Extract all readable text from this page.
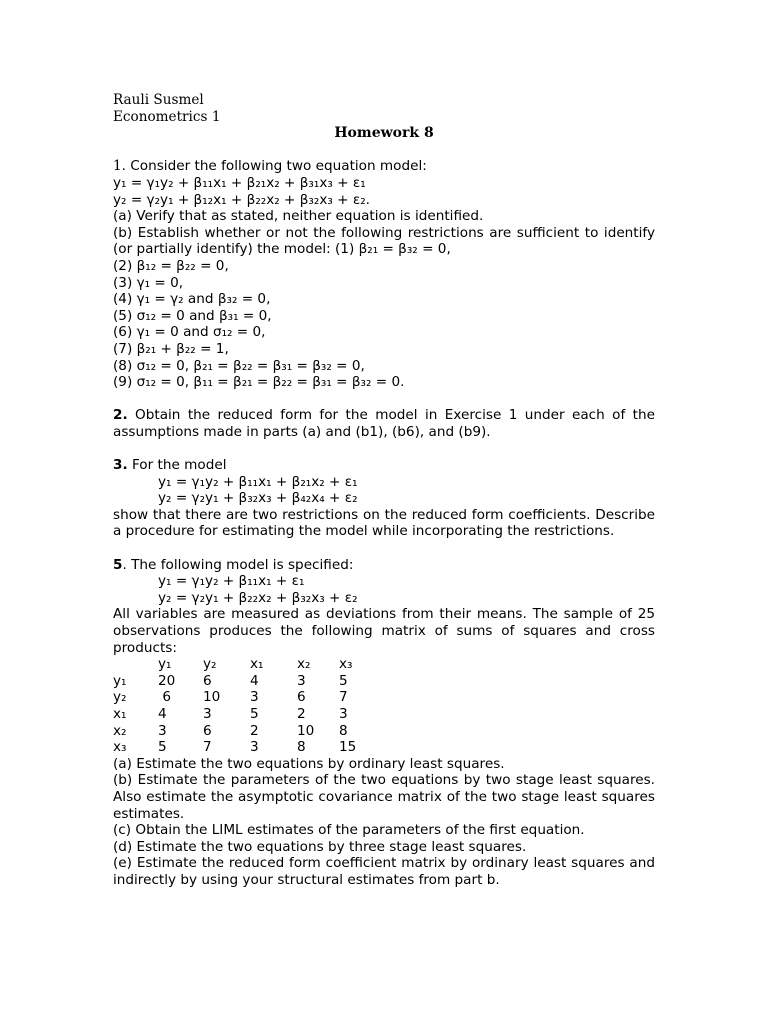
Rauli Susmel
Econometrics 1
Homework 8
1. Consider the following two equation model:
y₁ = γ₁y₂ + β₁₁x₁ + β₂₁x₂ + β₃₁x₃ + ε₁
y₂ = γ₂y₁ + β₁₂x₁ + β₂₂x₂ + β₃₂x₃ + ε₂.
(a) Verify that as stated, neither equation is identified.
(b) Establish whether or not the following restrictions are sufficient to identify (or partially identify) the model: (1) β₂₁ = β₃₂ = 0,
(2) β₁₂ = β₂₂ = 0,
(3) γ₁ = 0,
(4) γ₁ = γ₂ and β₃₂ = 0,
(5) σ₁₂ = 0 and β₃₁ = 0,
(6) γ₁ = 0 and σ₁₂ = 0,
(7) β₂₁ + β₂₂ = 1,
(8) σ₁₂ = 0, β₂₁ = β₂₂ = β₃₁ = β₃₂ = 0,
(9) σ₁₂ = 0, β₁₁ = β₂₁ = β₂₂ = β₃₁ = β₃₂ = 0.
2. Obtain the reduced form for the model in Exercise 1 under each of the assumptions made in parts (a) and (b1), (b6), and (b9).
3. For the model
y₁ = γ₁y₂ + β₁₁x₁ + β₂₁x₂ + ε₁
y₂ = γ₂y₁ + β₃₂x₃ + β₄₂x₄ + ε₂
show that there are two restrictions on the reduced form coefficients. Describe a procedure for estimating the model while incorporating the restrictions.
5. The following model is specified:
y₁ = γ₁y₂ + β₁₁x₁ + ε₁
y₂ = γ₂y₁ + β₂₂x₂ + β₃₂x₃ + ε₂
All variables are measured as deviations from their means. The sample of 25 observations produces the following matrix of sums of squares and cross products:
	y₁	y₂	x₁	x₂	x₃
y₁	20	6	4	3	5
y₂	6	10	3	6	7
x₁	4	3	5	2	3
x₂	3	6	2	10	8
x₃	5	7	3	8	15
(a) Estimate the two equations by ordinary least squares.
(b) Estimate the parameters of the two equations by two stage least squares. Also estimate the asymptotic covariance matrix of the two stage least squares estimates.
(c) Obtain the LIML estimates of the parameters of the first equation.
(d) Estimate the two equations by three stage least squares.
(e) Estimate the reduced form coefficient matrix by ordinary least squares and indirectly by using your structural estimates from part b.
